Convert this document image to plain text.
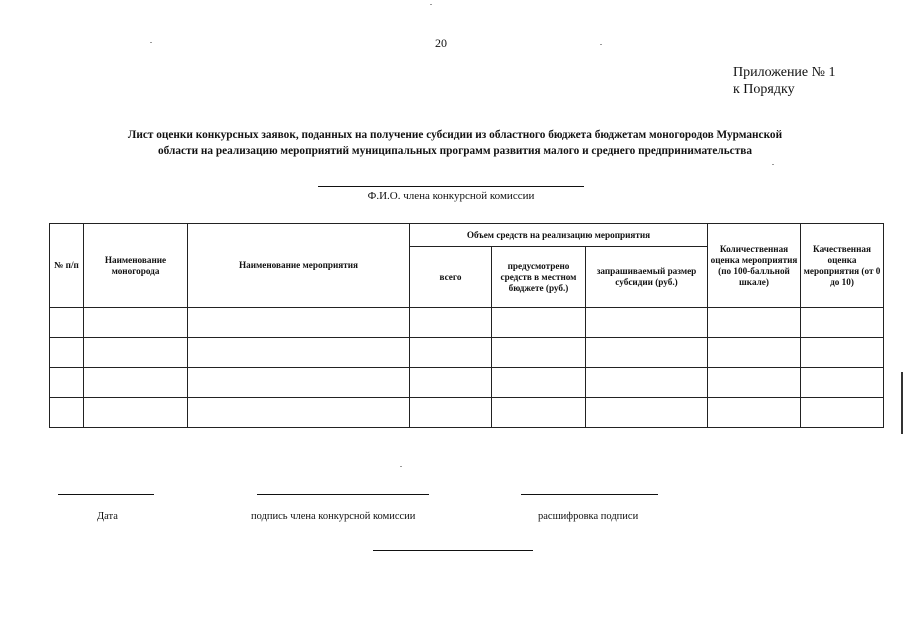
20
Приложение № 1
к Порядку
Лист оценки конкурсных заявок, поданных на получение субсидии из областного бюджета бюджетам моногородов Мурманской
области на реализацию мероприятий муниципальных программ развития малого и среднего предпринимательства
Ф.И.О. члена конкурсной комиссии
№ п/п	Наименование моногорода	Наименование мероприятия	Объем средств на реализацию мероприятия			Количественная оценка мероприятия (по 100-балльной шкале)	Качественная оценка мероприятия (от 0 до 10)
			всего	предусмотрено средств в местном бюджете (руб.)	запрашиваемый размер субсидии (руб.)		

Дата	подпись члена конкурсной комиссии	расшифровка подписи
